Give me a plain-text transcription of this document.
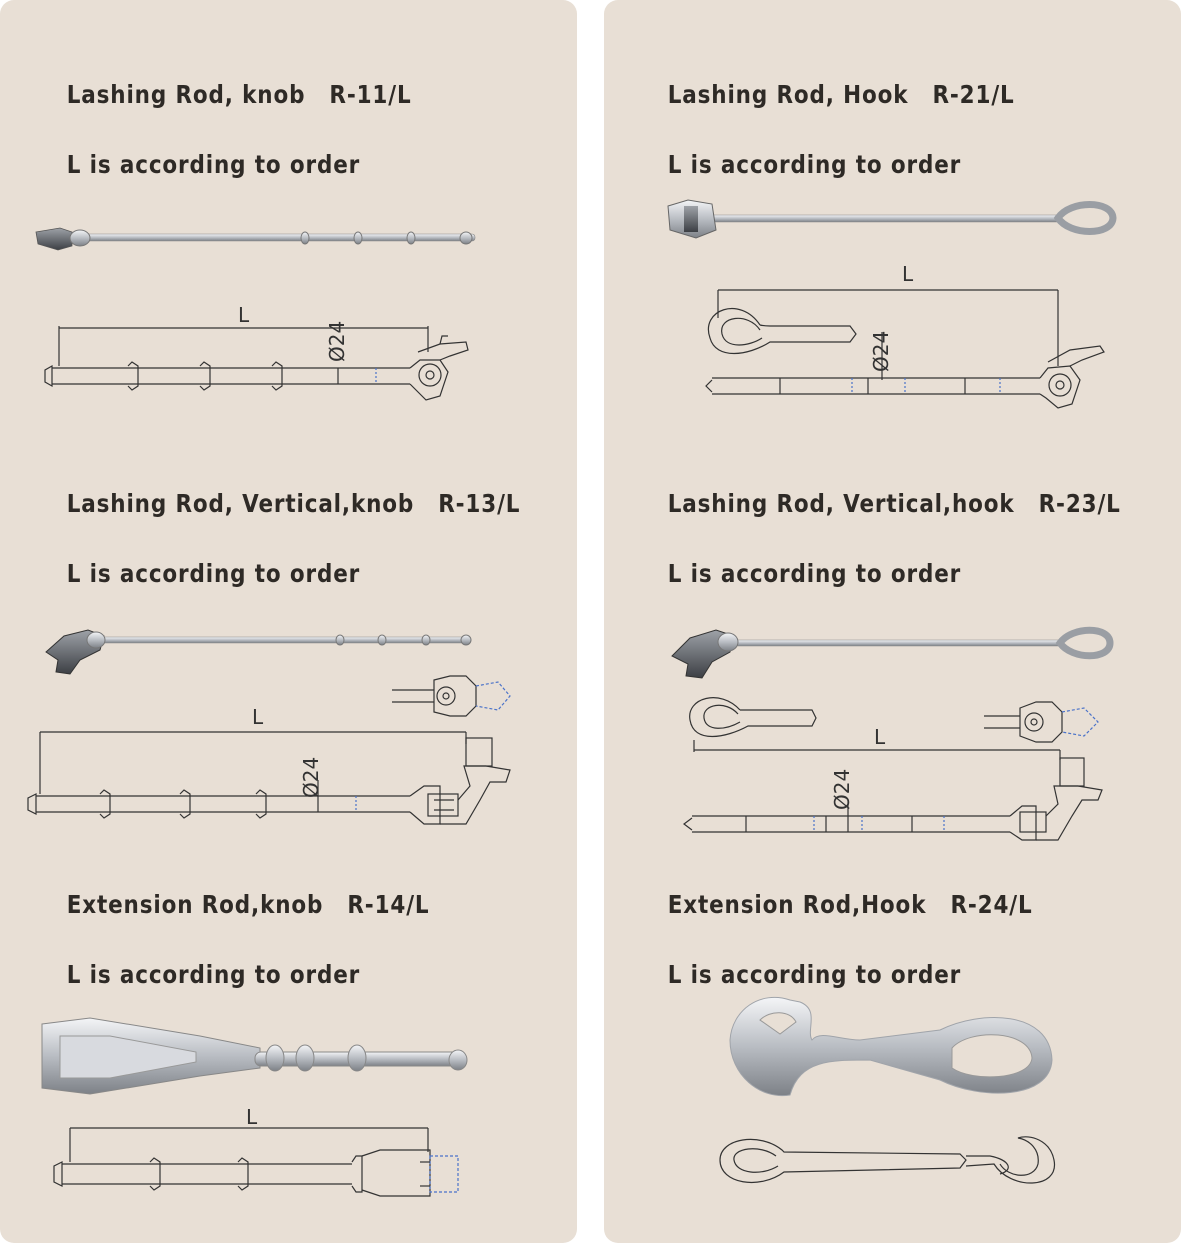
Lashing Rod, knob R-11/L

L is according to order

Lashing Rod, Hook R-21/L

L is according to order

Lashing Rod, Vertical,knob R-13/L

L is according to order

Lashing Rod, Vertical,hook R-23/L

L is according to order

Extension Rod,knob R-14/L

L is according to order

Extension Rod,Hook R-24/L

L is according to order

L
L
L
L
L
Ø24	Ø24
Ø24	Ø24
